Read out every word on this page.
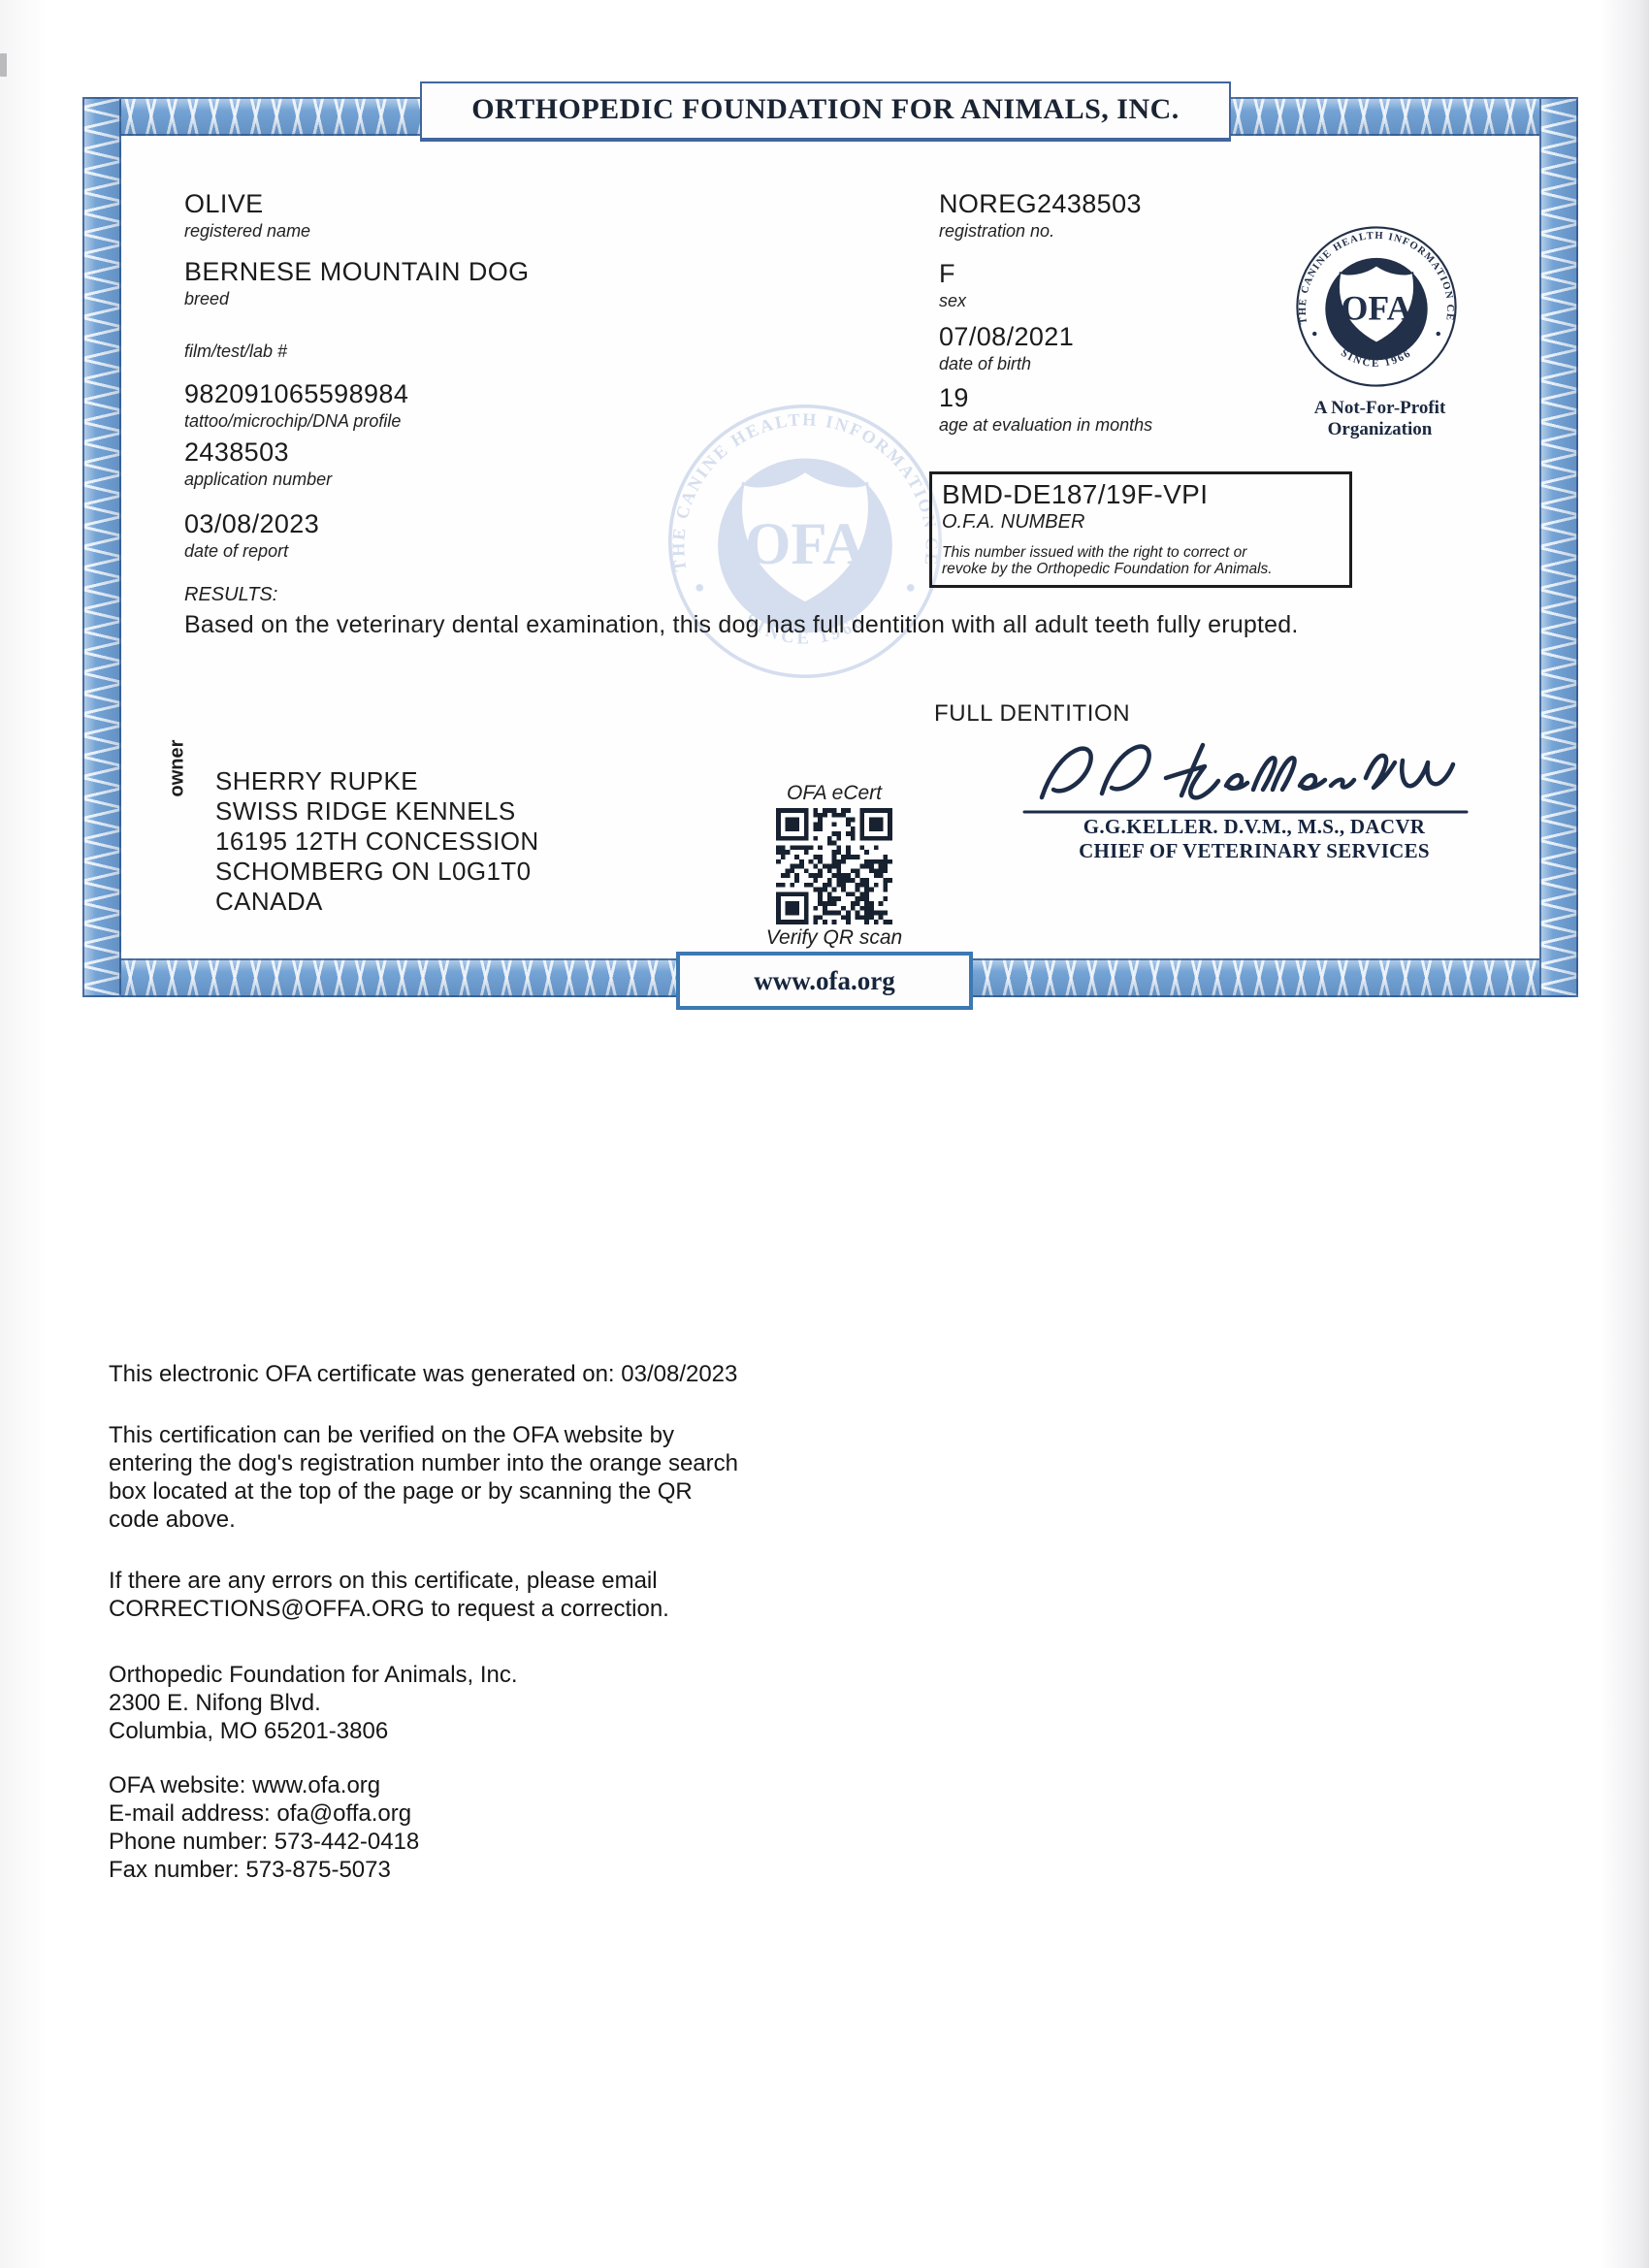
ORTHOPEDIC FOUNDATION FOR ANIMALS, INC.
OLIVE
registered name
BERNESE MOUNTAIN DOG
breed
film/test/lab #
982091065598984
tattoo/microchip/DNA profile
2438503
application number
03/08/2023
date of report
NOREG2438503
registration no.
F
sex
07/08/2021
date of birth
19
age at evaluation in months
A Not-For-Profit Organization
BMD-DE187/19F-VPI
O.F.A. NUMBER
This number issued with the right to correct or
revoke by the Orthopedic Foundation for Animals.
RESULTS:
Based on the veterinary dental examination, this dog has full dentition with all adult teeth fully erupted.
FULL DENTITION
owner SHERRY RUPKE
SWISS RIDGE KENNELS
16195 12TH CONCESSION
SCHOMBERG ON L0G1T0
CANADA
OFA eCert
Verify QR scan
G.G.KELLER. D.V.M., M.S., DACVR
CHIEF OF VETERINARY SERVICES
www.ofa.org
This electronic OFA certificate was generated on: 03/08/2023
This certification can be verified on the OFA website by
entering the dog's registration number into the orange search
box located at the top of the page or by scanning the QR
code above.
If there are any errors on this certificate, please email
CORRECTIONS@OFFA.ORG to request a correction.
Orthopedic Foundation for Animals, Inc.
2300 E. Nifong Blvd.
Columbia, MO 65201-3806
OFA website: www.ofa.org
E-mail address: ofa@offa.org
Phone number: 573-442-0418
Fax number: 573-875-5073
